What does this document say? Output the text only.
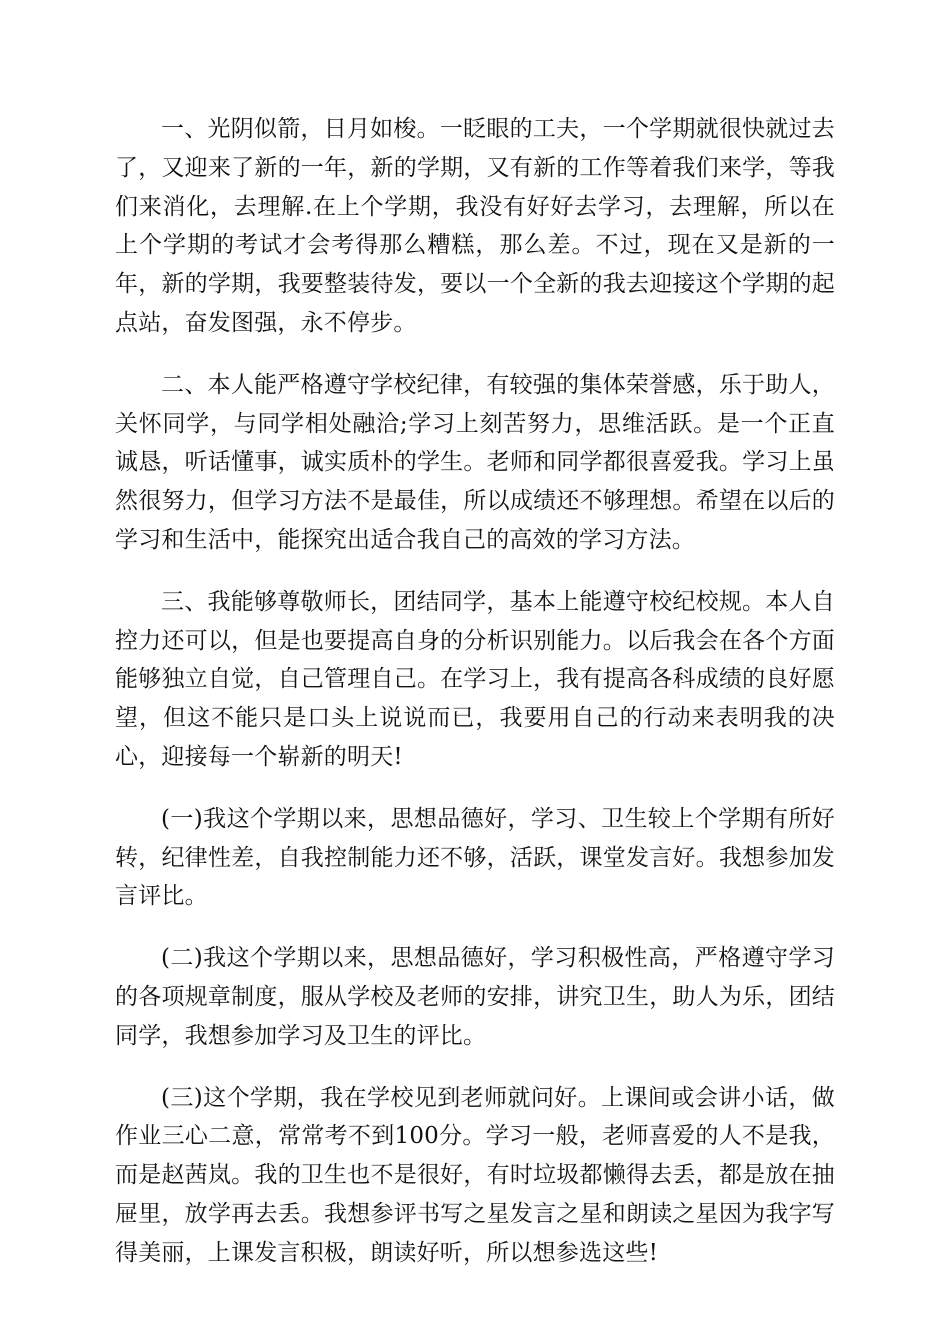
一、光阴似箭，日月如梭。一眨眼的工夫，一个学期就很快就过去了，又迎来了新的一年，新的学期，又有新的工作等着我们来学，等我们来消化，去理解.在上个学期，我没有好好去学习，去理解，所以在上个学期的考试才会考得那么糟糕，那么差。不过，现在又是新的一年，新的学期，我要整装待发，要以一个全新的我去迎接这个学期的起点站，奋发图强，永不停步。

二、本人能严格遵守学校纪律，有较强的集体荣誉感，乐于助人，关怀同学，与同学相处融洽;学习上刻苦努力，思维活跃。是一个正直诚恳，听话懂事，诚实质朴的学生。老师和同学都很喜爱我。学习上虽然很努力，但学习方法不是最佳，所以成绩还不够理想。希望在以后的学习和生活中，能探究出适合我自己的高效的学习方法。

三、我能够尊敬师长，团结同学，基本上能遵守校纪校规。本人自控力还可以，但是也要提高自身的分析识别能力。以后我会在各个方面能够独立自觉，自己管理自己。在学习上，我有提高各科成绩的良好愿望，但这不能只是口头上说说而已，我要用自己的行动来表明我的决心，迎接每一个崭新的明天!

(一)我这个学期以来，思想品德好，学习、卫生较上个学期有所好转，纪律性差，自我控制能力还不够，活跃，课堂发言好。我想参加发言评比。

(二)我这个学期以来，思想品德好，学习积极性高，严格遵守学习的各项规章制度，服从学校及老师的安排，讲究卫生，助人为乐，团结同学，我想参加学习及卫生的评比。

(三)这个学期，我在学校见到老师就问好。上课间或会讲小话，做作业三心二意，常常考不到100分。学习一般，老师喜爱的人不是我，而是赵茜岚。我的卫生也不是很好，有时垃圾都懒得去丢，都是放在抽屉里，放学再去丢。我想参评书写之星发言之星和朗读之星因为我字写得美丽，上课发言积极，朗读好听，所以想参选这些!
